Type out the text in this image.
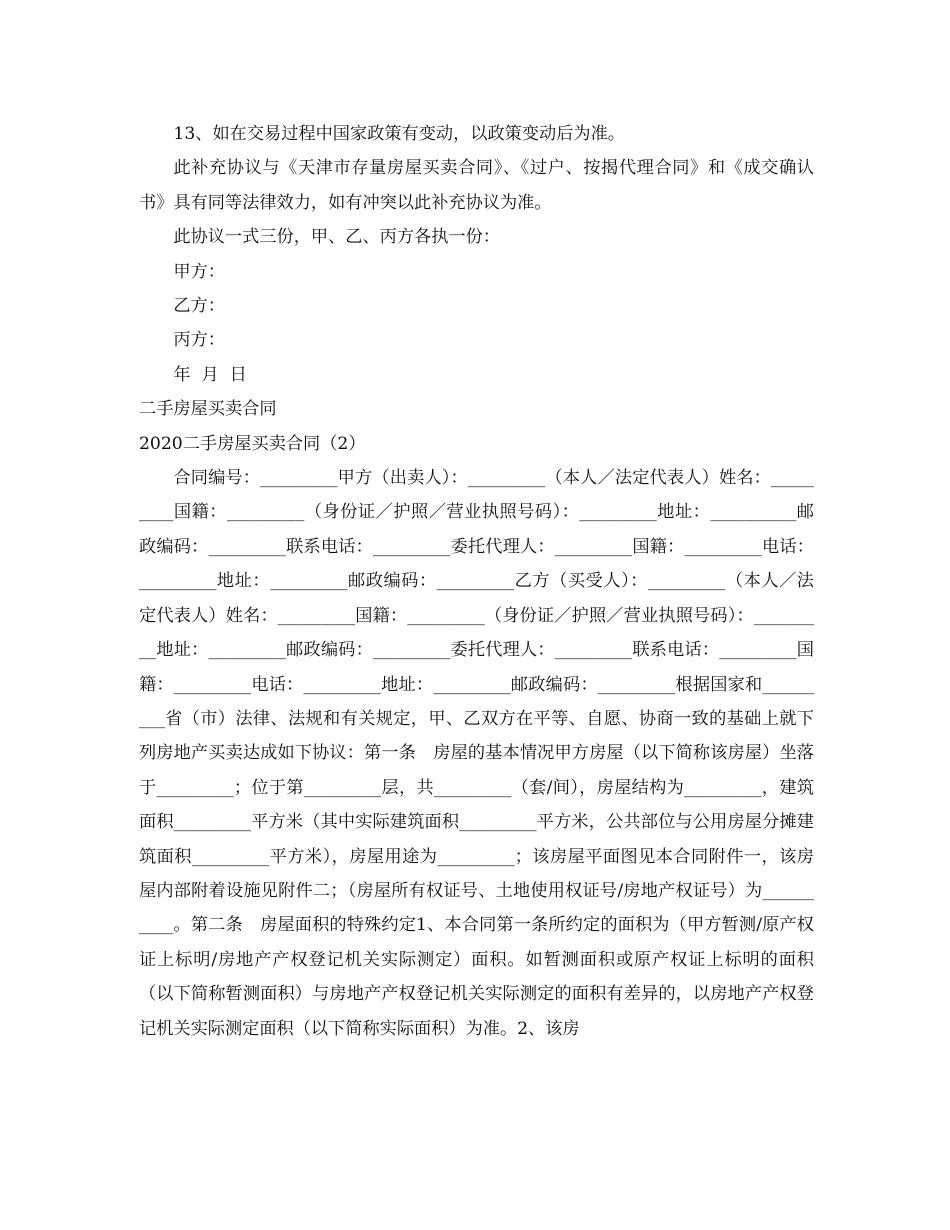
13、如在交易过程中国家政策有变动，以政策变动后为准。

此补充协议与《天津市存量房屋买卖合同》、《过户、按揭代理合同》和《成交确认书》具有同等法律效力，如有冲突以此补充协议为准。

此协议一式三份，甲、乙、丙方各执一份：

甲方：

乙方：

丙方：

年  月  日

二手房屋买卖合同

2020二手房屋买卖合同（2）

合同编号：_________甲方（出卖人）：_________（本人／法定代表人）姓名：_________国籍：_________（身份证／护照／营业执照号码）：_________地址：__________邮政编码：_________联系电话：_________委托代理人：_________国籍：_________电话：_________地址：_________邮政编码：_________乙方（买受人）：_________（本人／法定代表人）姓名：_________国籍：_________（身份证／护照／营业执照号码）：_________地址：_________邮政编码：_________委托代理人：_________联系电话：_________国籍：_________电话：_________地址：_________邮政编码：_________根据国家和_________省（市）法律、法规和有关规定，甲、乙双方在平等、自愿、协商一致的基础上就下列房地产买卖达成如下协议：第一条　房屋的基本情况甲方房屋（以下简称该房屋）坐落于_________；位于第_________层，共_________（套/间），房屋结构为_________，建筑面积_________平方米（其中实际建筑面积_________平方米，公共部位与公用房屋分摊建筑面积_________平方米），房屋用途为_________；该房屋平面图见本合同附件一，该房屋内部附着设施见附件二；（房屋所有权证号、土地使用权证号/房地产权证号）为__________。第二条　房屋面积的特殊约定1、本合同第一条所约定的面积为（甲方暂测/原产权证上标明/房地产产权登记机关实际测定）面积。如暂测面积或原产权证上标明的面积（以下简称暂测面积）与房地产产权登记机关实际测定的面积有差异的，以房地产产权登记机关实际测定面积（以下简称实际面积）为准。2、该房
